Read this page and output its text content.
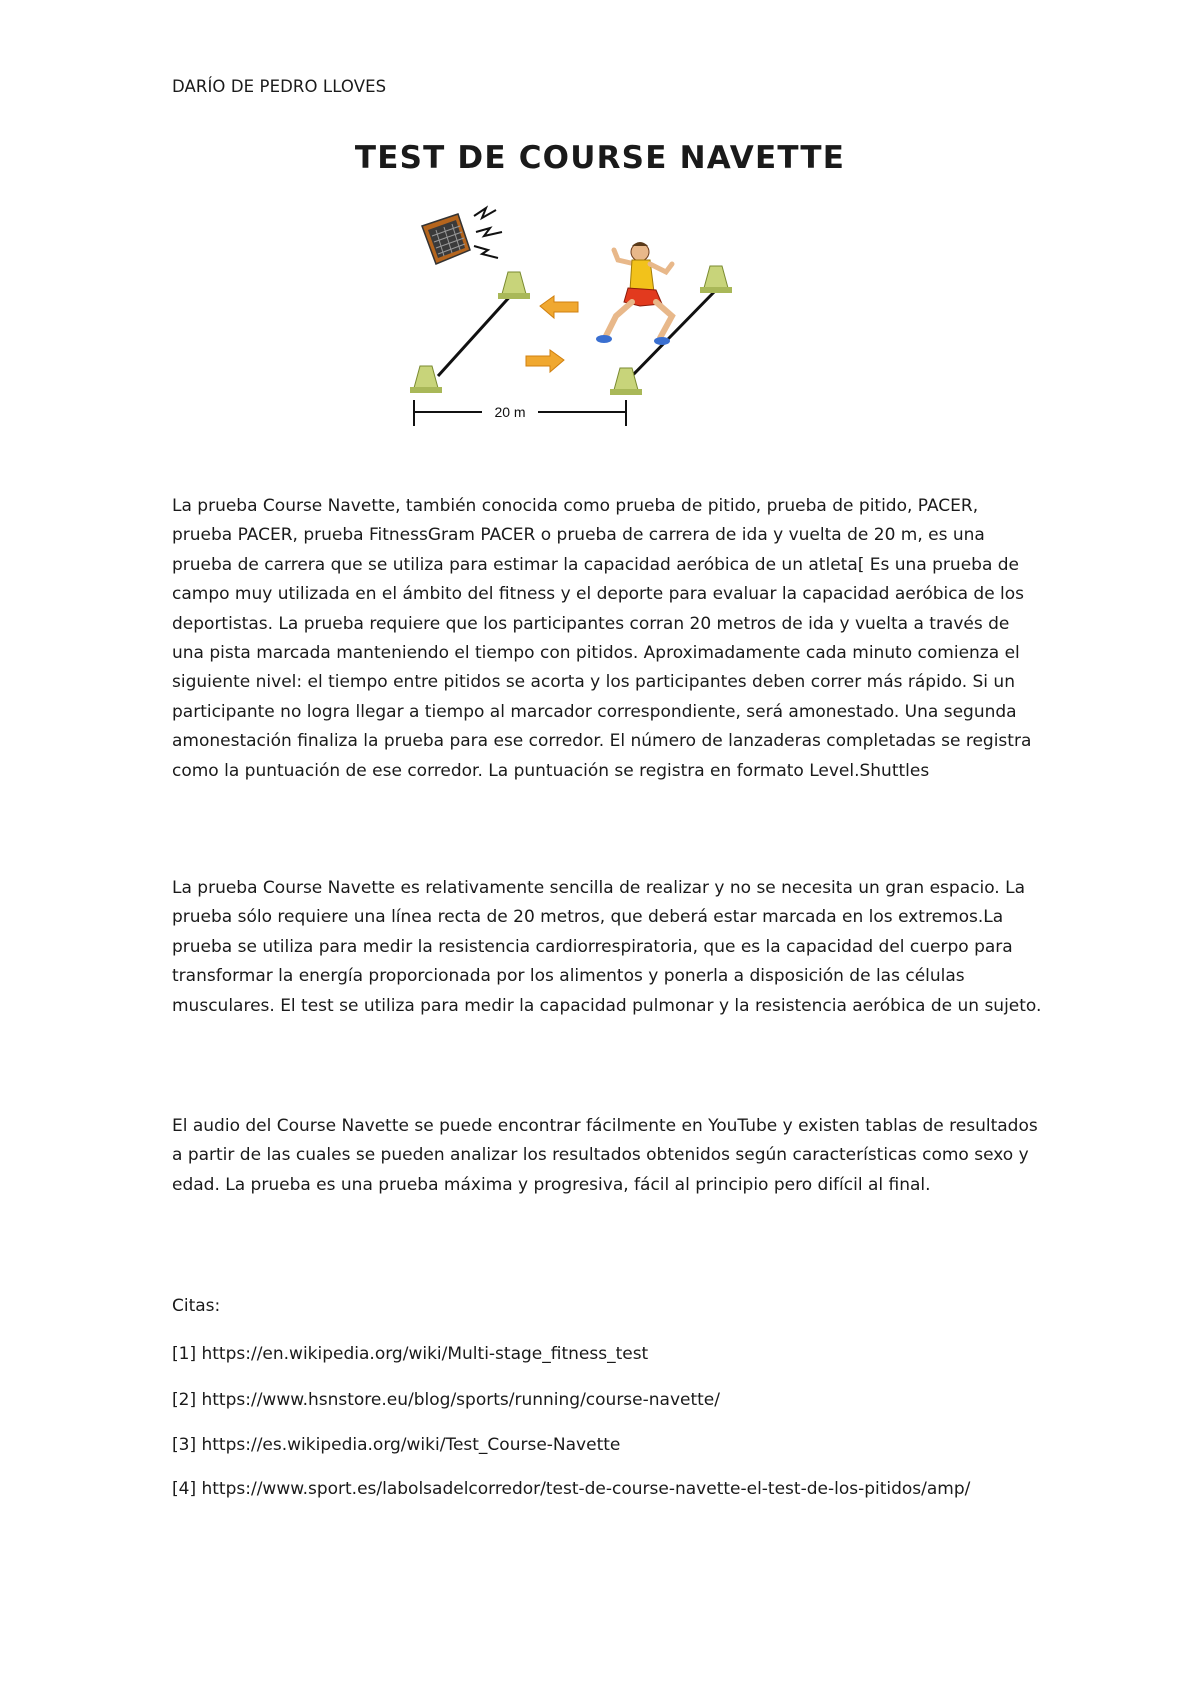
DARÍO DE PEDRO LLOVES
TEST DE COURSE NAVETTE
20 m
La prueba Course Navette, también conocida como prueba de pitido, prueba de pitido, PACER, prueba PACER, prueba FitnessGram PACER o prueba de carrera de ida y vuelta de 20 m, es una prueba de carrera que se utiliza para estimar la capacidad aeróbica de un atleta[ Es una prueba de campo muy utilizada en el ámbito del fitness y el deporte para evaluar la capacidad aeróbica de los deportistas. La prueba requiere que los participantes corran 20 metros de ida y vuelta a través de una pista marcada manteniendo el tiempo con pitidos. Aproximadamente cada minuto comienza el siguiente nivel: el tiempo entre pitidos se acorta y los participantes deben correr más rápido. Si un participante no logra llegar a tiempo al marcador correspondiente, será amonestado. Una segunda amonestación finaliza la prueba para ese corredor. El número de lanzaderas completadas se registra como la puntuación de ese corredor. La puntuación se registra en formato Level.Shuttles
La prueba Course Navette es relativamente sencilla de realizar y no se necesita un gran espacio. La prueba sólo requiere una línea recta de 20 metros, que deberá estar marcada en los extremos.La prueba se utiliza para medir la resistencia cardiorrespiratoria, que es la capacidad del cuerpo para transformar la energía proporcionada por los alimentos y ponerla a disposición de las células musculares. El test se utiliza para medir la capacidad pulmonar y la resistencia aeróbica de un sujeto.
El audio del Course Navette se puede encontrar fácilmente en YouTube y existen tablas de resultados a partir de las cuales se pueden analizar los resultados obtenidos según características como sexo y edad. La prueba es una prueba máxima y progresiva, fácil al principio pero difícil al final.
Citas:
[1] https://en.wikipedia.org/wiki/Multi-stage_fitness_test
[2] https://www.hsnstore.eu/blog/sports/running/course-navette/
[3] https://es.wikipedia.org/wiki/Test_Course-Navette
[4] https://www.sport.es/labolsadelcorredor/test-de-course-navette-el-test-de-los-pitidos/amp/
